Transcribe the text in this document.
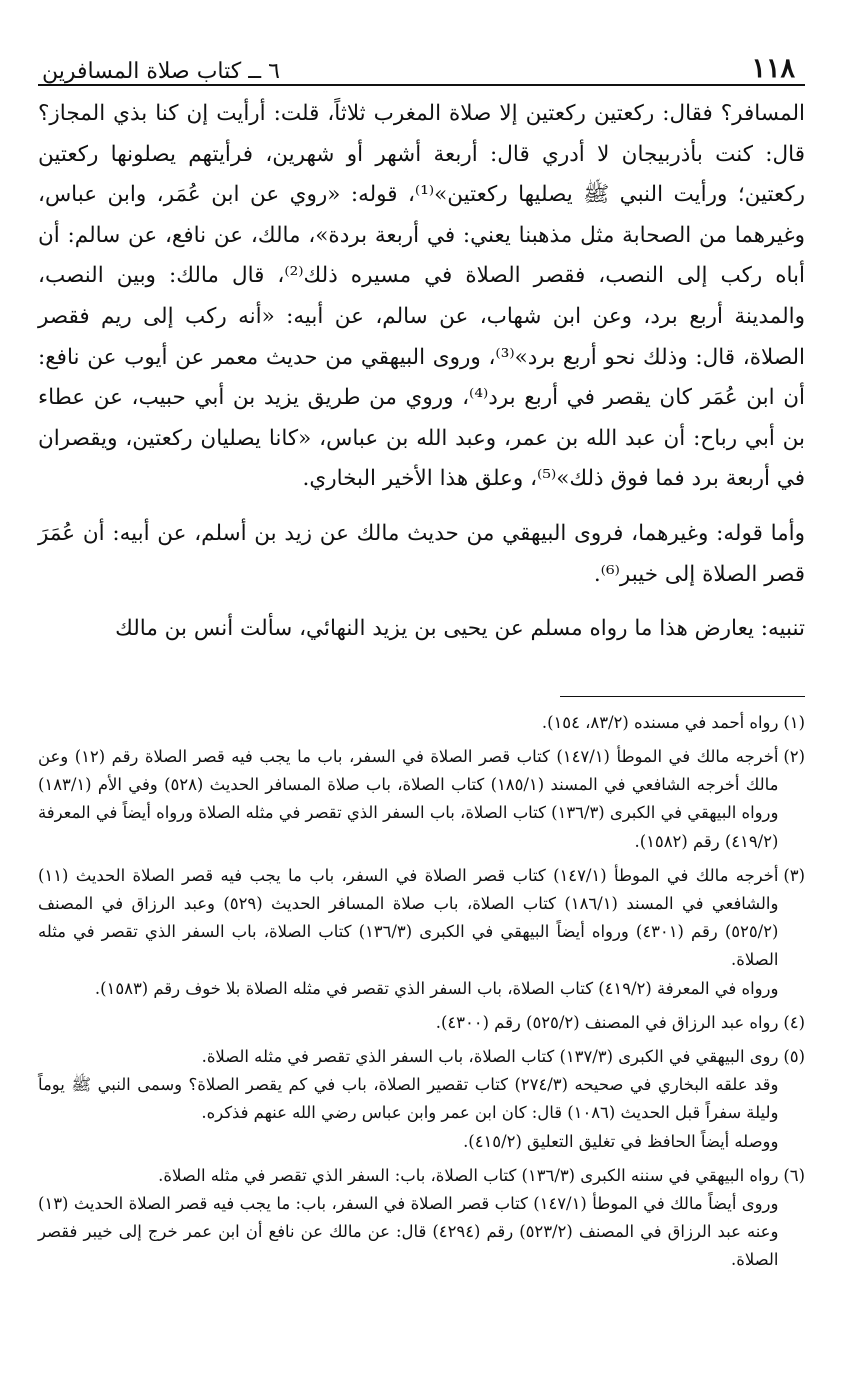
٦ ــ كتاب صلاة المسافرين	١١٨

المسافر؟ فقال: ركعتين ركعتين إلا صلاة المغرب ثلاثاً، قلت: أرأيت إن كنا بذي المجاز؟ قال: كنت بأذربيجان لا أدري قال: أربعة أشهر أو شهرين، فرأيتهم يصلونها ركعتين ركعتين؛ ورأيت النبي ﷺ يصليها ركعتين»⁽¹⁾، قوله: «روي عن ابن عُمَر، وابن عباس، وغيرهما من الصحابة مثل مذهبنا يعني: في أربعة بردة»، مالك، عن نافع، عن سالم: أن أباه ركب إلى النصب، فقصر الصلاة في مسيره ذلك⁽²⁾، قال مالك: وبين النصب، والمدينة أربع برد، وعن ابن شهاب، عن سالم، عن أبيه: «أنه ركب إلى ريم فقصر الصلاة، قال: وذلك نحو أربع برد»⁽³⁾، وروى البيهقي من حديث معمر عن أيوب عن نافع: أن ابن عُمَر كان يقصر في أربع برد⁽⁴⁾، وروي من طريق يزيد بن أبي حبيب، عن عطاء بن أبي رباح: أن عبد الله بن عمر، وعبد الله بن عباس، «كانا يصليان ركعتين، ويقصران في أربعة برد فما فوق ذلك»⁽⁵⁾، وعلق هذا الأخير البخاري.

وأما قوله: وغيرهما، فروى البيهقي من حديث مالك عن زيد بن أسلم، عن أبيه: أن عُمَرَ قصر الصلاة إلى خيبر⁽⁶⁾.

تنبيه: يعارض هذا ما رواه مسلم عن يحيى بن يزيد النهائي، سألت أنس بن مالك

(١)

رواه أحمد في مسنده (٨٣/٢، ١٥٤).

(٢)

أخرجه مالك في الموطأ (١٤٧/١) كتاب قصر الصلاة في السفر، باب ما يجب فيه قصر الصلاة رقم (١٢) وعن مالك أخرجه الشافعي في المسند (١٨٥/١) كتاب الصلاة، باب صلاة المسافر الحديث (٥٢٨) وفي الأم (١٨٣/١) ورواه البيهقي في الكبرى (١٣٦/٣) كتاب الصلاة، باب السفر الذي تقصر في مثله الصلاة ورواه أيضاً في المعرفة (٤١٩/٢) رقم (١٥٨٢).

(٣)

أخرجه مالك في الموطأ (١٤٧/١) كتاب قصر الصلاة في السفر، باب ما يجب فيه قصر الصلاة الحديث (١١) والشافعي في المسند (١٨٦/١) كتاب الصلاة، باب صلاة المسافر الحديث (٥٢٩) وعبد الرزاق في المصنف (٥٢٥/٢) رقم (٤٣٠١) ورواه أيضاً البيهقي في الكبرى (١٣٦/٣) كتاب الصلاة، باب السفر الذي تقصر في مثله الصلاة.

ورواه في المعرفة (٤١٩/٢) كتاب الصلاة، باب السفر الذي تقصر في مثله الصلاة بلا خوف رقم (١٥٨٣).

(٤)

رواه عبد الرزاق في المصنف (٥٢٥/٢) رقم (٤٣٠٠).

(٥)

روى البيهقي في الكبرى (١٣٧/٣) كتاب الصلاة، باب السفر الذي تقصر في مثله الصلاة.

وقد علقه البخاري في صحيحه (٢٧٤/٣) كتاب تقصير الصلاة، باب في كم يقصر الصلاة؟ وسمى النبي ﷺ يوماً وليلة سفراً قبل الحديث (١٠٨٦) قال: كان ابن عمر وابن عباس رضي الله عنهم فذكره.

ووصله أيضاً الحافظ في تغليق التعليق (٤١٥/٢).

(٦)

رواه البيهقي في سننه الكبرى (١٣٦/٣) كتاب الصلاة، باب: السفر الذي تقصر في مثله الصلاة.

وروى أيضاً مالك في الموطأ (١٤٧/١) كتاب قصر الصلاة في السفر، باب: ما يجب فيه قصر الصلاة الحديث (١٣) وعنه عبد الرزاق في المصنف (٥٢٣/٢) رقم (٤٢٩٤) قال: عن مالك عن نافع أن ابن عمر خرج إلى خيبر فقصر الصلاة.
